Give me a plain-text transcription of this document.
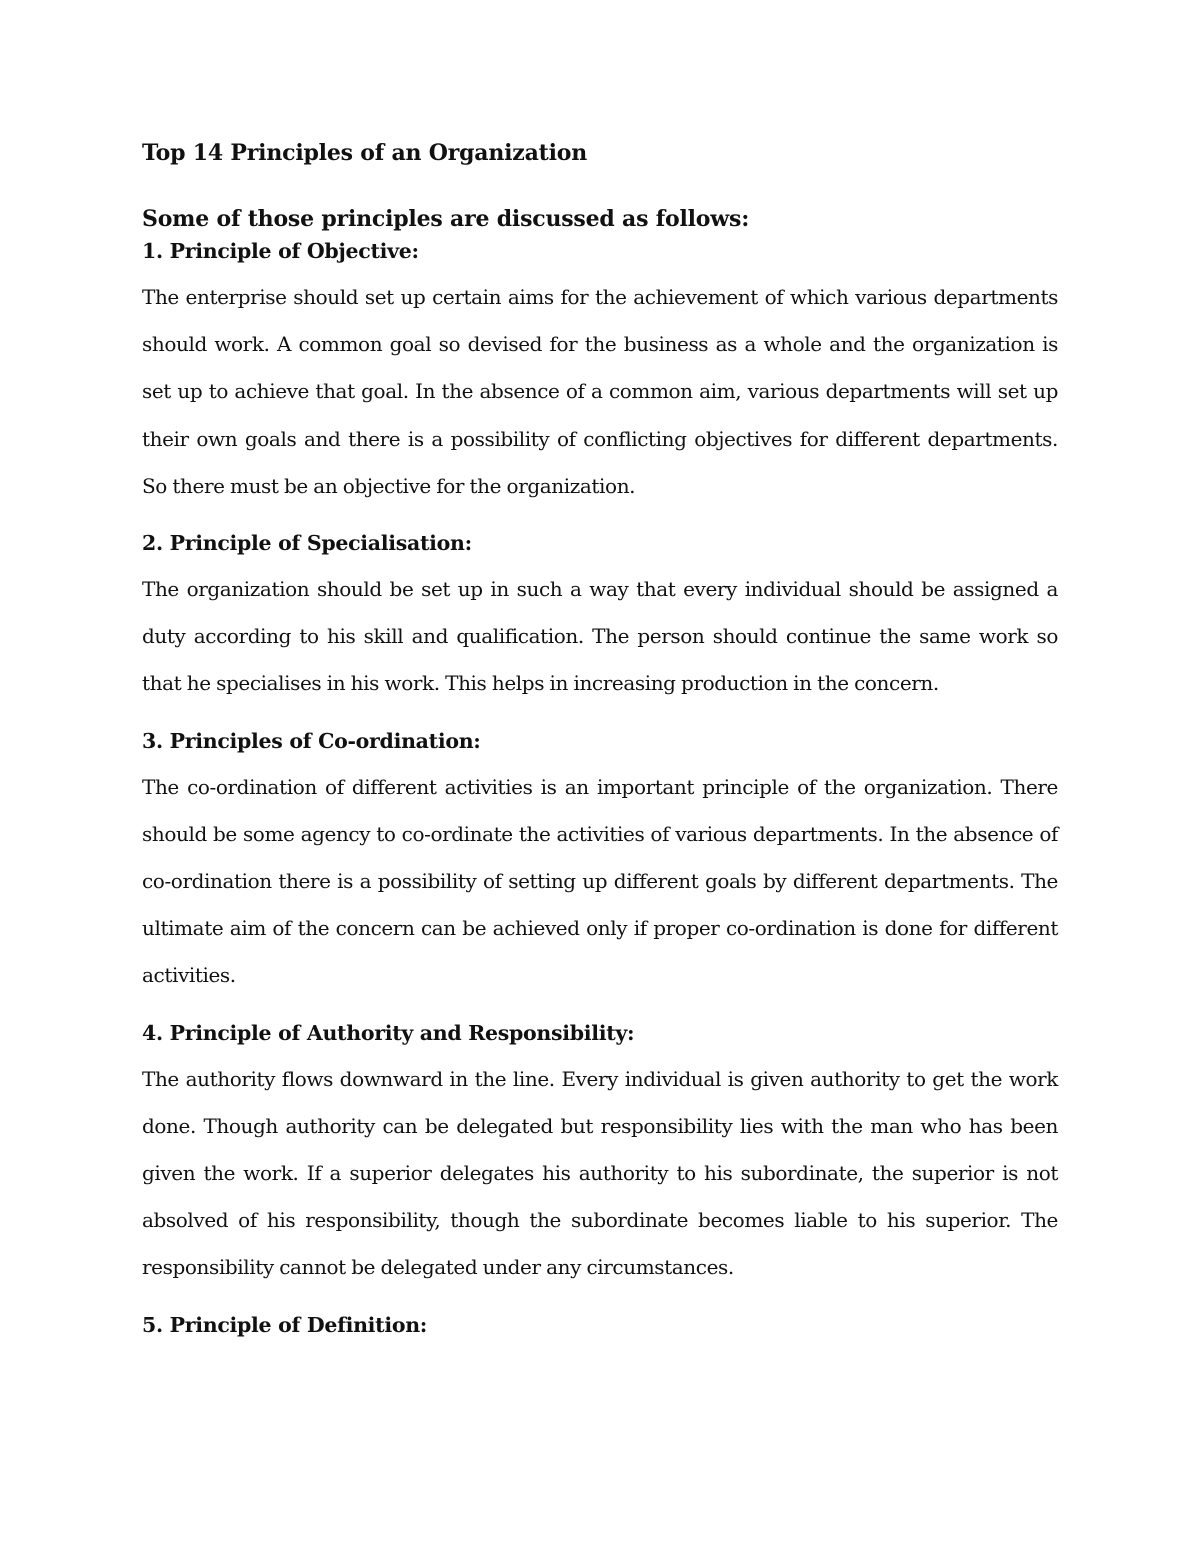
Top 14 Principles of an Organization

Some of those principles are discussed as follows:

1. Principle of Objective:

The enterprise should set up certain aims for the achievement of which various departments should work. A common goal so devised for the business as a whole and the organization is set up to achieve that goal. In the absence of a common aim, various departments will set up their own goals and there is a possibility of conflicting objectives for different departments. So there must be an objective for the organization.

2. Principle of Specialisation:

The organization should be set up in such a way that every individual should be assigned a duty according to his skill and qualification. The person should continue the same work so that he specialises in his work. This helps in increasing production in the concern.

3. Principles of Co-ordination:

The co-ordination of different activities is an important principle of the organization. There should be some agency to co-ordinate the activities of various departments. In the absence of co-ordination there is a possibility of setting up different goals by different departments. The ultimate aim of the concern can be achieved only if proper co-ordination is done for different activities.

4. Principle of Authority and Responsibility:

The authority flows downward in the line. Every individual is given authority to get the work done. Though authority can be delegated but responsibility lies with the man who has been given the work. If a superior delegates his authority to his subordinate, the superior is not absolved of his responsibility, though the subordinate becomes liable to his superior. The responsibility cannot be delegated under any circumstances.

5. Principle of Definition:
